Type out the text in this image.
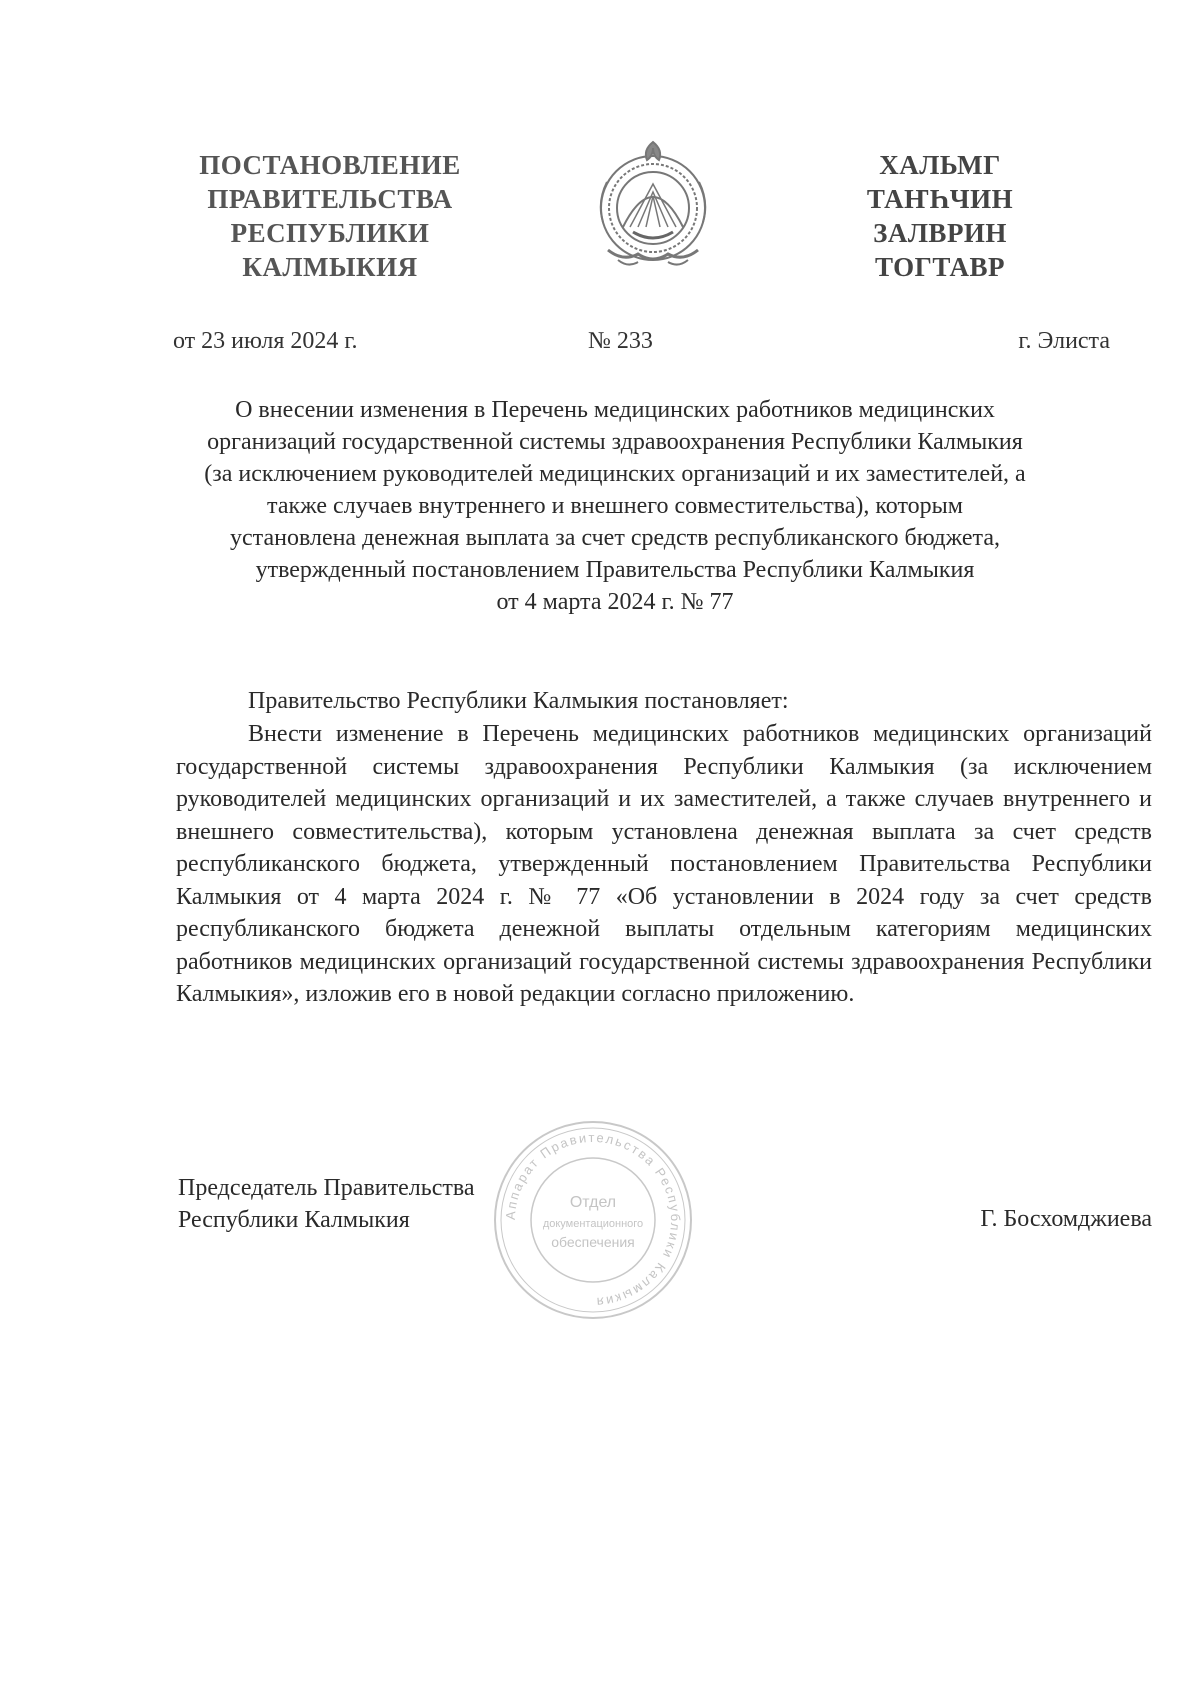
ПОСТАНОВЛЕНИЕ
ПРАВИТЕЛЬСТВА
РЕСПУБЛИКИ
КАЛМЫКИЯ
ХАЛЬМГ
ТАҤҺЧИН
ЗАЛВРИН
ТОГТАВР
от 23 июля 2024 г.	№ 233	г. Элиста
О внесении изменения в Перечень медицинских работников медицинских
организаций государственной системы здравоохранения Республики Калмыкия
(за исключением руководителей медицинских организаций и их заместителей, а
также случаев внутреннего и внешнего совместительства), которым
установлена денежная выплата за счет средств республиканского бюджета,
утвержденный постановлением Правительства Республики Калмыкия
от 4 марта 2024 г. № 77
Правительство Республики Калмыкия постановляет:
Внести изменение в Перечень медицинских работников медицинских организаций государственной системы здравоохранения Республики Калмыкия (за исключением руководителей медицинских организаций и их заместителей, а также случаев внутреннего и внешнего совместительства), которым установлена денежная выплата за счет средств республиканского бюджета, утвержденный постановлением Правительства Республики Калмыкия от 4 марта 2024 г. № 77 «Об установлении в 2024 году за счет средств республиканского бюджета денежной выплаты отдельным категориям медицинских работников медицинских организаций государственной системы здравоохранения Республики Калмыкия», изложив его в новой редакции согласно приложению.
Председатель Правительства
Республики Калмыкия	Г. Босхомджиева
Аппарат Правительства Республики Калмыкия
Отдел
документационного
обеспечения
